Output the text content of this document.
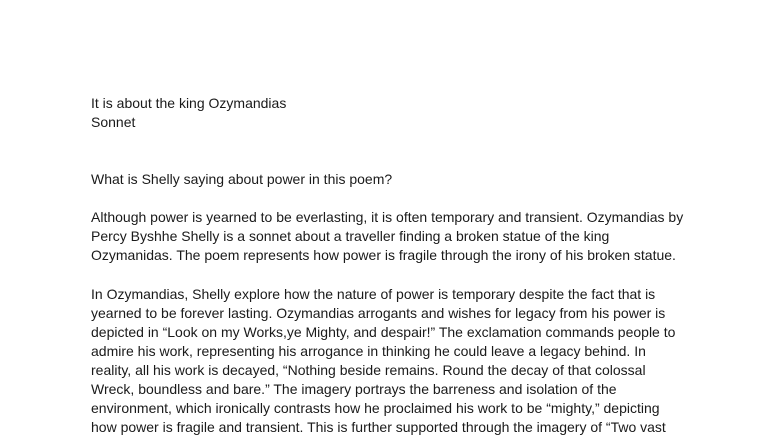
It is about the king Ozymandias
Sonnet
What is Shelly saying about power in this poem?
Although power is yearned to be everlasting, it is often temporary and transient. Ozymandias by
Percy Byshhe Shelly is a sonnet about a traveller finding a broken statue of the king
Ozymanidas. The poem represents how power is fragile through the irony of his broken statue.
In Ozymandias, Shelly explore how the nature of power is temporary despite the fact that is
yearned to be forever lasting. Ozymandias arrogants and wishes for legacy from his power is
depicted in “Look on my Works,ye Mighty, and despair!” The exclamation commands people to
admire his work, representing his arrogance in thinking he could leave a legacy behind. In
reality, all his work is decayed, “Nothing beside remains. Round the decay of that colossal
Wreck, boundless and bare.” The imagery portrays the barreness and isolation of the
environment, which ironically contrasts how he proclaimed his work to be “mighty,” depicting
how power is fragile and transient. This is further supported through the imagery of “Two vast
